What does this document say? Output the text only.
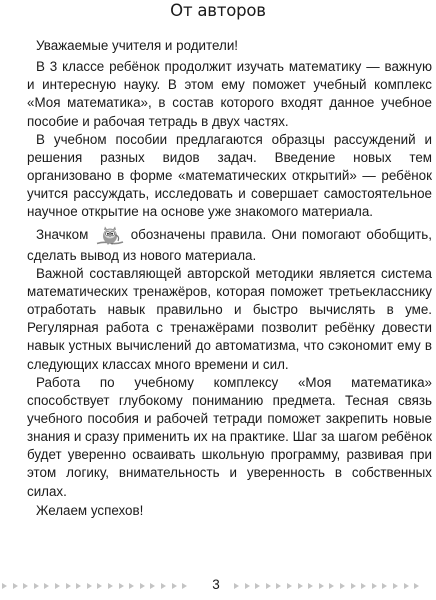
От авторов

Уважаемые учителя и родители!

В 3 классе ребёнок продолжит изучать математику — важную и интересную науку. В этом ему поможет учебный комплекс «Моя математика», в состав которого входят данное учебное пособие и рабочая тетрадь в двух частях.

В учебном пособии предлагаются образцы рассуждений и решения разных видов задач. Введение новых тем организовано в форме «математических открытий» — ребёнок учится рассуждать, исследовать и совершает самостоятельное научное открытие на основе уже знакомого материала.

Значком	обозначены правила. Они помогают обобщить, сделать вывод из нового материала.

Важной составляющей авторской методики является система математических тренажёров, которая поможет третьекласснику отработать навык правильно и быстро вычислять в уме. Регулярная работа с тренажёрами позволит ребёнку довести навык устных вычислений до автоматизма, что сэкономит ему в следующих классах много времени и сил.

Работа по учебному комплексу «Моя математика» способствует глубокому пониманию предмета. Тесная связь учебного пособия и рабочей тетради поможет закрепить новые знания и сразу применить их на практике. Шаг за шагом ребёнок будет уверенно осваивать школьную программу, развивая при этом логику, внимательность и уверенность в собственных силах.

Желаем успехов!

3
